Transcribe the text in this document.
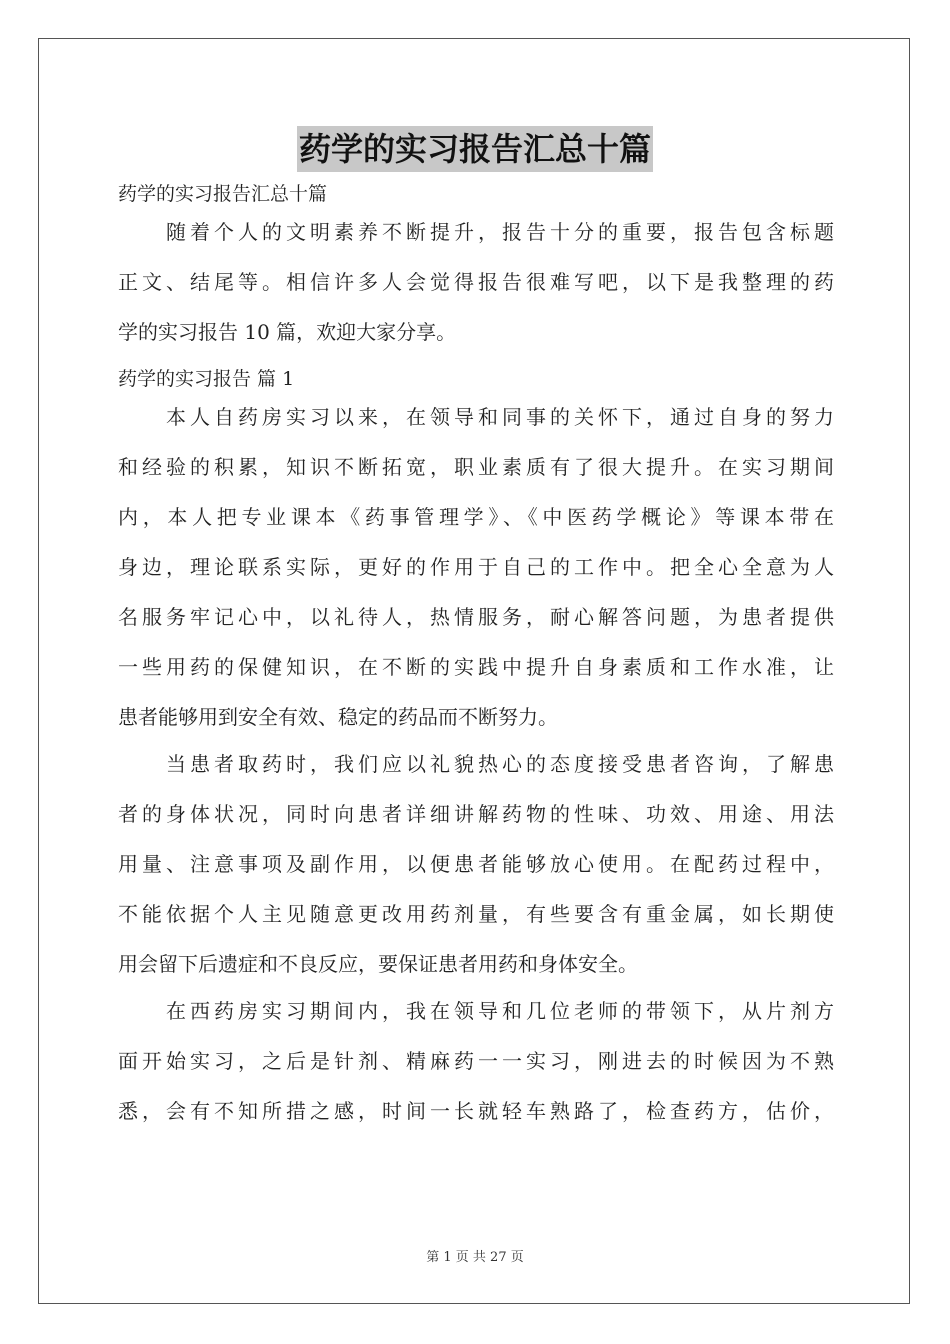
药学的实习报告汇总十篇
药学的实习报告汇总十篇
随着个人的文明素养不断提升，报告十分的重要，报告包含标题
正文、结尾等。相信许多人会觉得报告很难写吧，以下是我整理的药
学的实习报告 10 篇，欢迎大家分享。
药学的实习报告 篇 1
本人自药房实习以来，在领导和同事的关怀下，通过自身的努力
和经验的积累，知识不断拓宽，职业素质有了很大提升。在实习期间
内，本人把专业课本《药事管理学》、《中医药学概论》等课本带在
身边，理论联系实际，更好的作用于自己的工作中。把全心全意为人
名服务牢记心中，以礼待人，热情服务，耐心解答问题，为患者提供
一些用药的保健知识，在不断的实践中提升自身素质和工作水准，让
患者能够用到安全有效、稳定的药品而不断努力。
当患者取药时，我们应以礼貌热心的态度接受患者咨询，了解患
者的身体状况，同时向患者详细讲解药物的性味、功效、用途、用法
用量、注意事项及副作用，以便患者能够放心使用。在配药过程中，
不能依据个人主见随意更改用药剂量，有些要含有重金属，如长期使
用会留下后遗症和不良反应，要保证患者用药和身体安全。
在西药房实习期间内，我在领导和几位老师的带领下，从片剂方
面开始实习，之后是针剂、精麻药一一实习，刚进去的时候因为不熟
悉，会有不知所措之感，时间一长就轻车熟路了，检查药方，估价，
第 1 页 共 27 页
